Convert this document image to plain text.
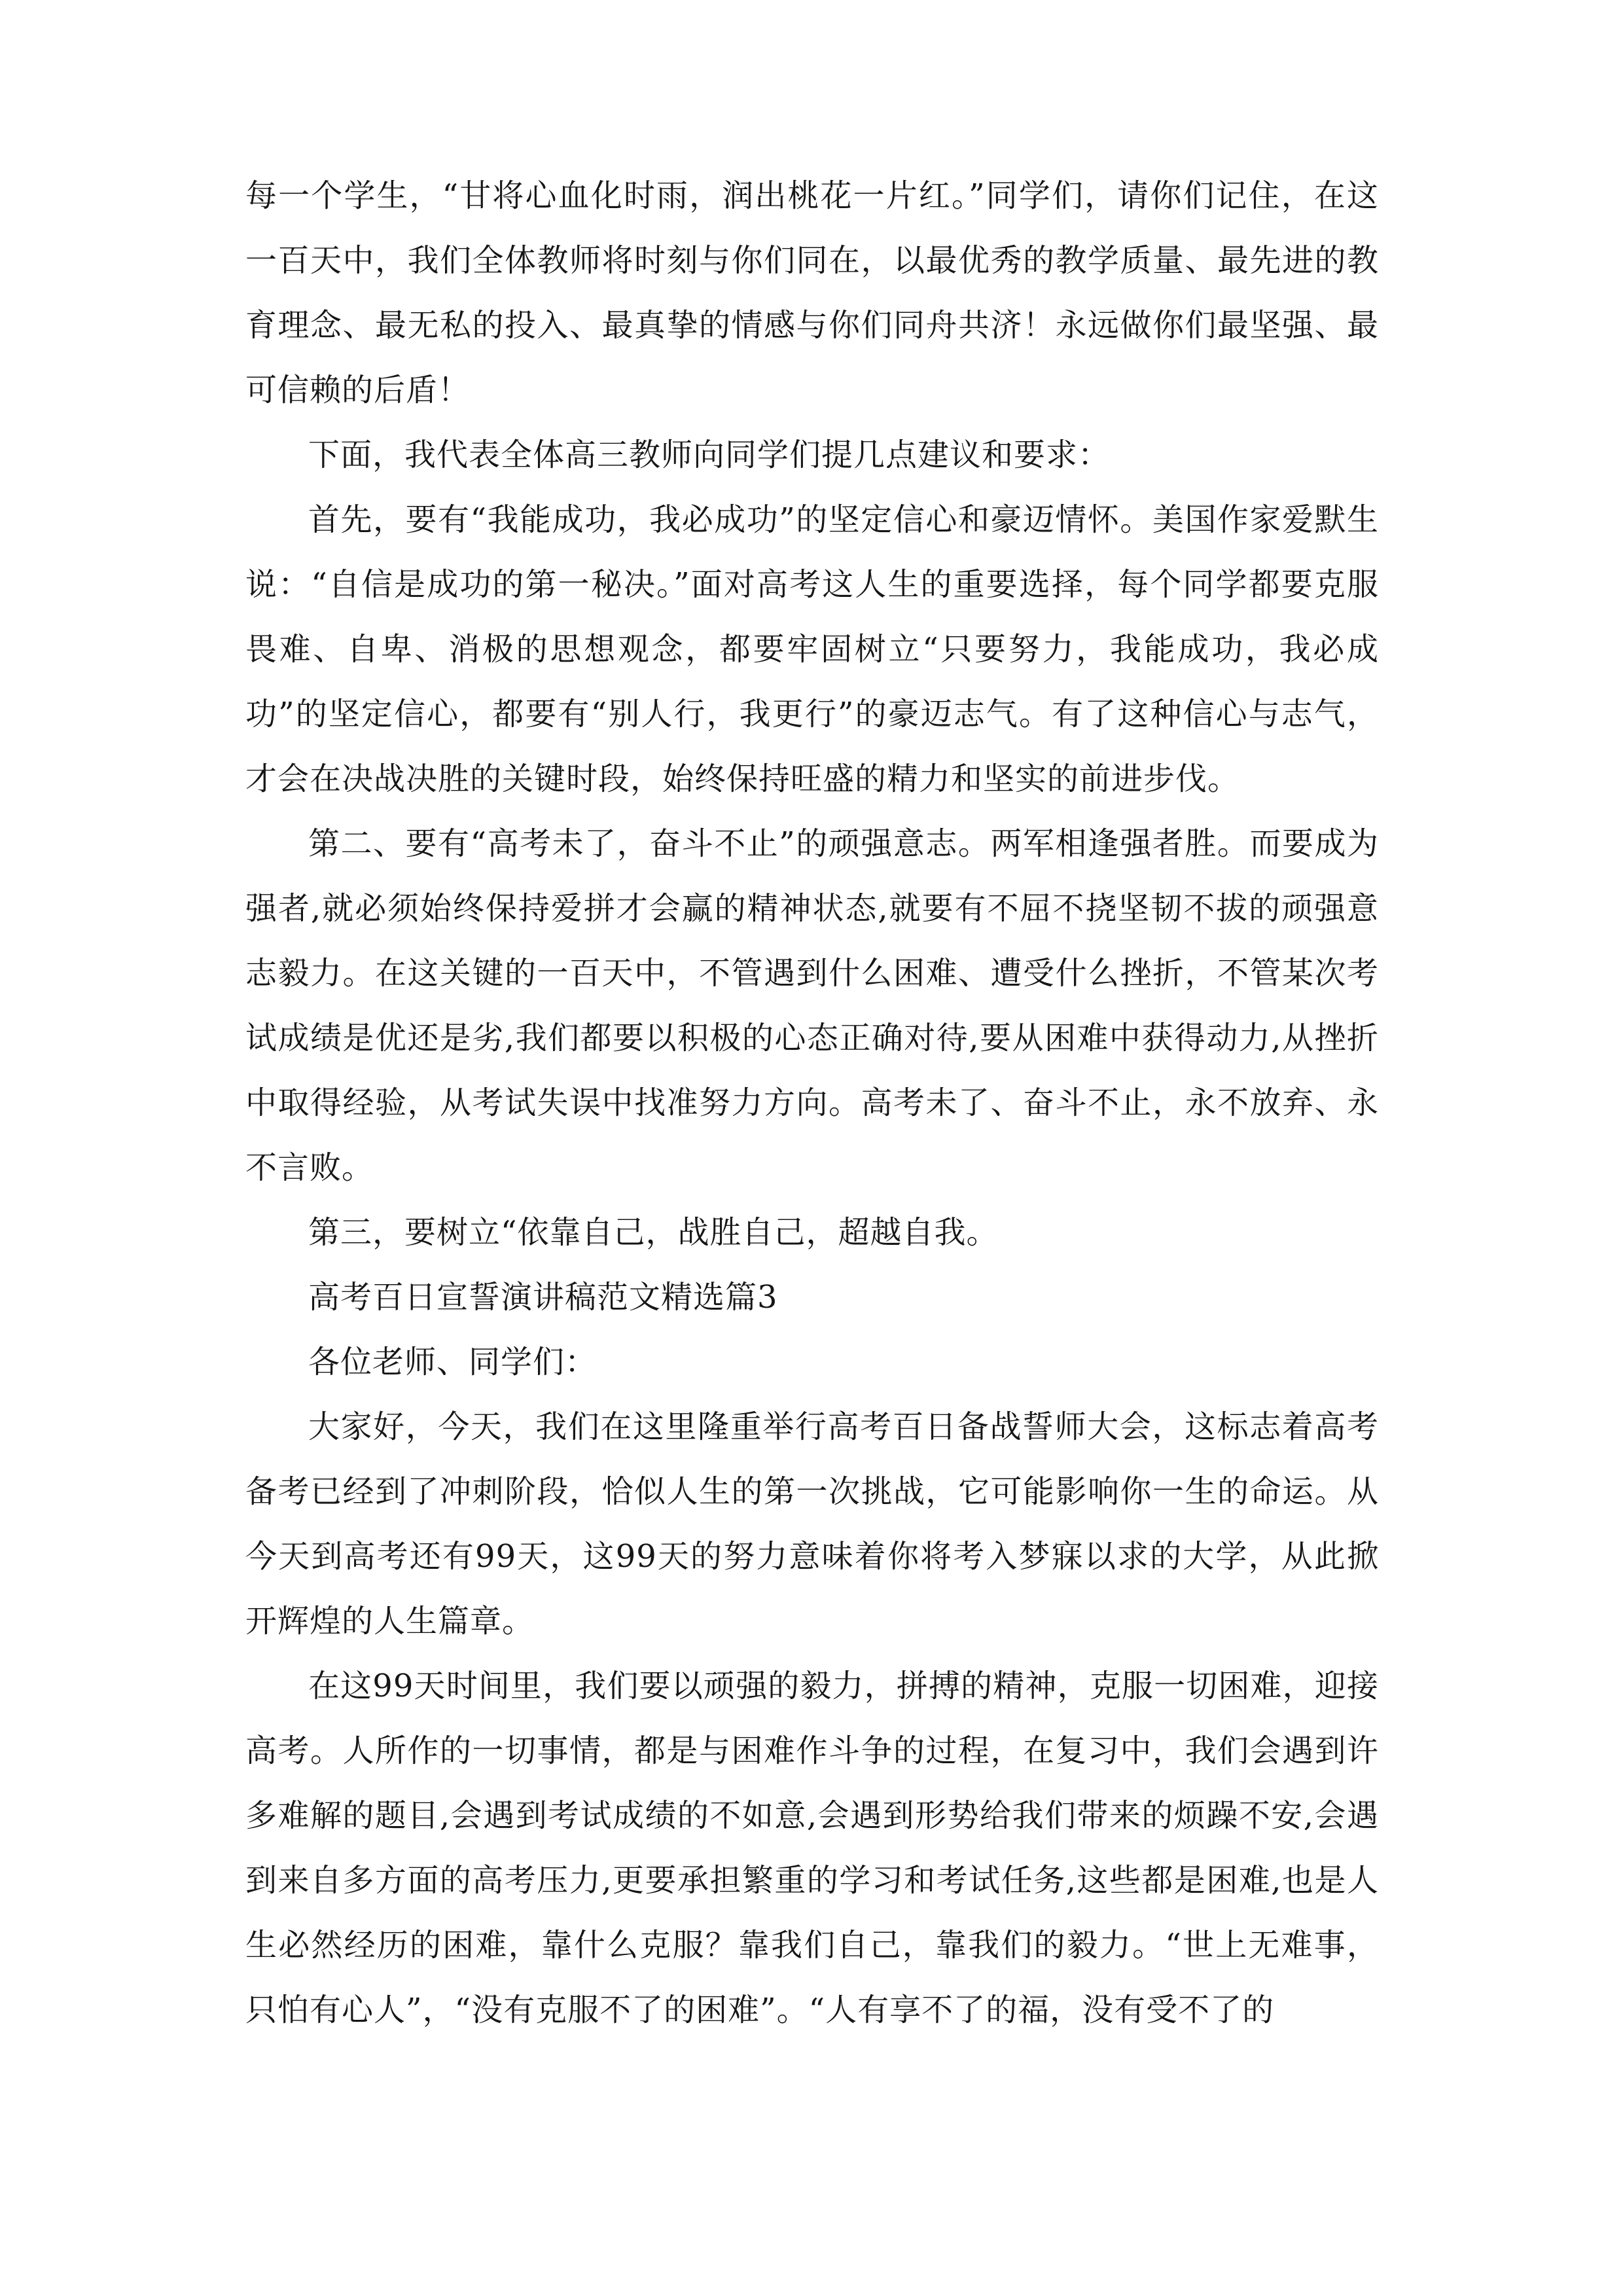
每一个学生，“甘将心血化时雨，润出桃花一片红。”同学们，请你们记住，在这一百天中，我们全体教师将时刻与你们同在，以最优秀的教学质量、最先进的教育理念、最无私的投入、最真挚的情感与你们同舟共济！永远做你们最坚强、最可信赖的后盾！

下面，我代表全体高三教师向同学们提几点建议和要求：

首先，要有“我能成功，我必成功”的坚定信心和豪迈情怀。美国作家爱默生说：“自信是成功的第一秘决。”面对高考这人生的重要选择，每个同学都要克服畏难、自卑、消极的思想观念，都要牢固树立“只要努力，我能成功，我必成功”的坚定信心，都要有“别人行，我更行”的豪迈志气。有了这种信心与志气，才会在决战决胜的关键时段，始终保持旺盛的精力和坚实的前进步伐。

第二、要有“高考未了，奋斗不止”的顽强意志。两军相逢强者胜。而要成为强者,就必须始终保持爱拼才会赢的精神状态,就要有不屈不挠坚韧不拔的顽强意志毅力。在这关键的一百天中，不管遇到什么困难、遭受什么挫折，不管某次考试成绩是优还是劣,我们都要以积极的心态正确对待,要从困难中获得动力,从挫折中取得经验，从考试失误中找准努力方向。高考未了、奋斗不止，永不放弃、永不言败。

第三，要树立“依靠自己，战胜自己，超越自我。

高考百日宣誓演讲稿范文精选篇3

各位老师、同学们：

大家好，今天，我们在这里隆重举行高考百日备战誓师大会，这标志着高考备考已经到了冲刺阶段，恰似人生的第一次挑战，它可能影响你一生的命运。从今天到高考还有99天，这99天的努力意味着你将考入梦寐以求的大学，从此掀开辉煌的人生篇章。

在这99天时间里，我们要以顽强的毅力，拼搏的精神，克服一切困难，迎接高考。人所作的一切事情，都是与困难作斗争的过程，在复习中，我们会遇到许多难解的题目,会遇到考试成绩的不如意,会遇到形势给我们带来的烦躁不安,会遇到来自多方面的高考压力,更要承担繁重的学习和考试任务,这些都是困难,也是人生必然经历的困难，靠什么克服？靠我们自己，靠我们的毅力。“世上无难事，只怕有心人”，“没有克服不了的困难”。“人有享不了的福，没有受不了的
